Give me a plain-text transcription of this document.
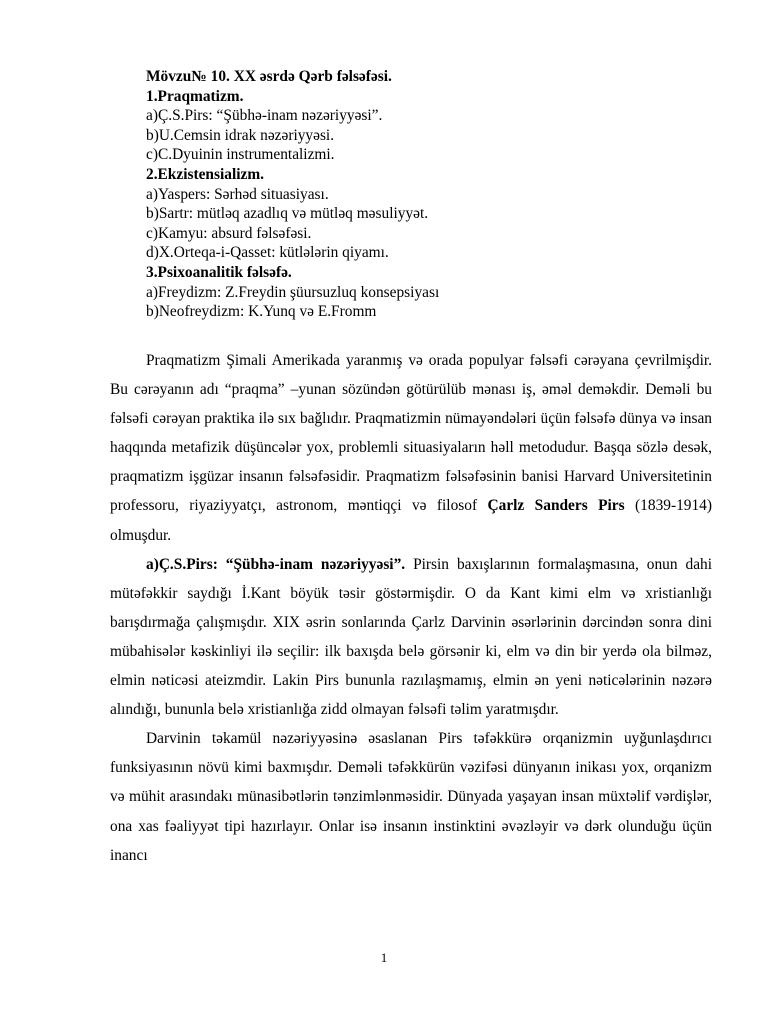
Mövzu№ 10. XX əsrdə Qərb fəlsəfəsi.
1.Praqmatizm.
a)Ç.S.Pirs: “Şübhə-inam nəzəriyyəsi”.
b)U.Cemsin idrak nəzəriyyəsi.
c)C.Dyuinin instrumentalizmi.
2.Ekzistensializm.
a)Yaspers: Sərhəd situasiyası.
b)Sartr: mütləq azadlıq və mütləq məsuliyyət.
c)Kamyu: absurd fəlsəfəsi.
d)X.Orteqa-i-Qasset: kütlələrin qiyamı.
3.Psixoanalitik fəlsəfə.
a)Freydizm: Z.Freydin şüursuzluq konsepsiyası
b)Neofreydizm: K.Yunq və E.Fromm

Praqmatizm Şimali Amerikada yaranmış və orada populyar fəlsəfi cərəyana çevrilmişdir. Bu cərəyanın adı “praqma” –yunan sözündən götürülüb mənası iş, əməl deməkdir. Deməli bu fəlsəfi cərəyan praktika ilə sıx bağlıdır. Praqmatizmin nümayəndələri üçün fəlsəfə dünya və insan haqqında metafizik düşüncələr yox, problemli situasiyaların həll metodudur. Başqa sözlə desək, praqmatizm işgüzar insanın fəlsəfəsidir. Praqmatizm fəlsəfəsinin banisi Harvard Universitetinin professoru, riyaziyyatçı, astronom, məntiqçi və filosof Çarlz Sanders Pirs (1839-1914) olmuşdur.

a)Ç.S.Pirs: “Şübhə-inam nəzəriyyəsi”. Pirsin baxışlarının formalaşmasına, onun dahi mütəfəkkir saydığı İ.Kant böyük təsir göstərmişdir. O da Kant kimi elm və xristianlığı barışdırmağa çalışmışdır. XIX əsrin sonlarında Çarlz Darvinin əsərlərinin dərcindən sonra dini mübahisələr kəskinliyi ilə seçilir: ilk baxışda belə görsənir ki, elm və din bir yerdə ola bilməz, elmin nəticəsi ateizmdir. Lakin Pirs bununla razılaşmamış, elmin ən yeni nəticələrinin nəzərə alındığı, bununla belə xristianlığa zidd olmayan fəlsəfi təlim yaratmışdır.

Darvinin təkamül nəzəriyyəsinə əsaslanan Pirs təfəkkürə orqanizmin uyğunlaşdırıcı funksiyasının növü kimi baxmışdır. Deməli təfəkkürün vəzifəsi dünyanın inikası yox, orqanizm və mühit arasındakı münasibətlərin tənzimlənməsidir. Dünyada yaşayan insan müxtəlif vərdişlər, ona xas fəaliyyət tipi hazırlayır. Onlar isə insanın instinktini əvəzləyir və dərk olunduğu üçün inancı

1
